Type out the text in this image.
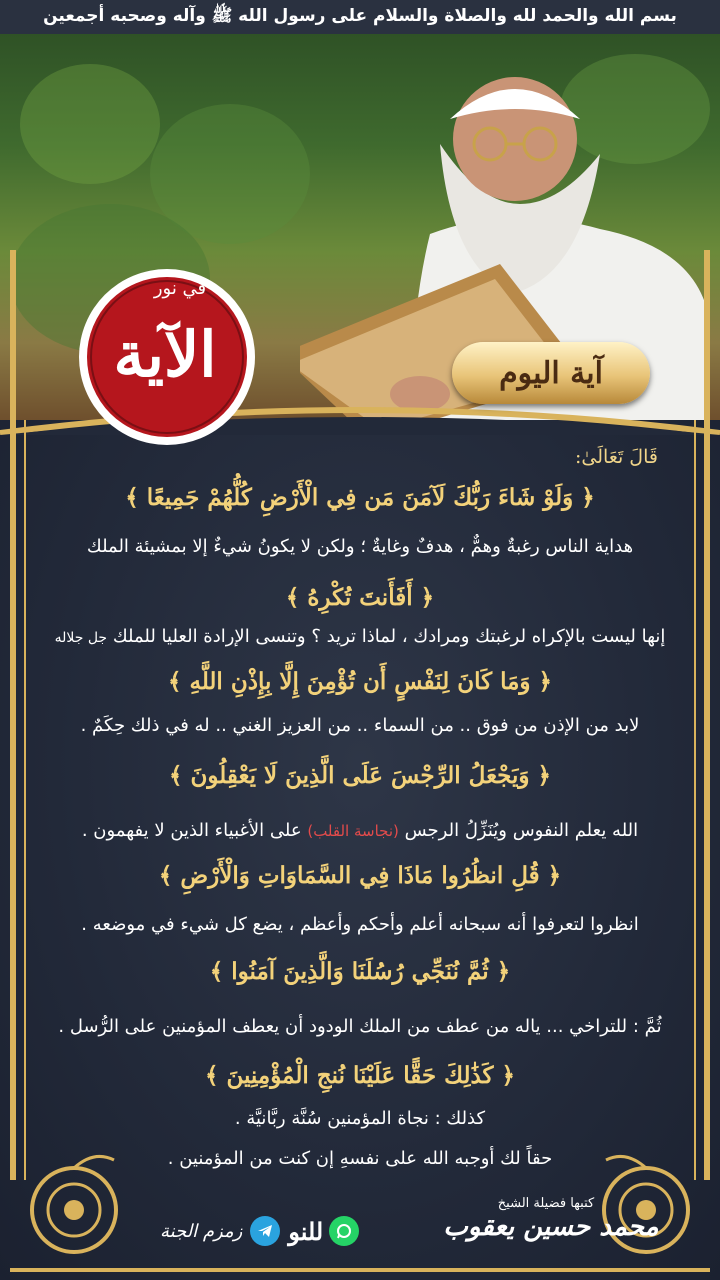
بسم الله والحمد لله والصلاة والسلام على رسول الله ﷺ وآله وصحبه أجمعين
في نور
الآية	آية اليوم
قَالَ تَعَالَىٰ:
﴿ وَلَوْ شَاءَ رَبُّكَ لَآمَنَ مَن فِي الْأَرْضِ كُلُّهُمْ جَمِيعًا ﴾
هداية الناس رغبةٌ وهمٌّ ، هدفٌ وغايةٌ ؛ ولكن لا يكونُ شيءٌ إلا بمشيئة الملك
﴿ أَفَأَنتَ تُكْرِهُ ﴾
إنها ليست بالإكراه لرغبتك ومرادك ، لماذا تريد ؟ وتنسى الإرادة العليا للملك جل جلاله
﴿ وَمَا كَانَ لِنَفْسٍ أَن تُؤْمِنَ إِلَّا بِإِذْنِ اللَّهِ ﴾
لابد من الإذن من فوق .. من السماء .. من العزيز الغني .. له في ذلك حِكَمٌ .
﴿ وَيَجْعَلُ الرِّجْسَ عَلَى الَّذِينَ لَا يَعْقِلُونَ ﴾
الله يعلم النفوس ويُنَزِّلُ الرجس (نجاسة القلب) على الأغبياء الذين لا يفهمون .
﴿ قُلِ انظُرُوا مَاذَا فِي السَّمَاوَاتِ وَالْأَرْضِ ﴾
انظروا لتعرفوا أنه سبحانه أعلم وأحكم وأعظم ، يضع كل شيء في موضعه .
﴿ ثُمَّ نُنَجِّي رُسُلَنَا وَالَّذِينَ آمَنُوا ﴾
ثُمَّ : للتراخي ... ياله من عطف من الملك الودود أن يعطف المؤمنين على الرُّسل .
﴿ كَذَٰلِكَ حَقًّا عَلَيْنَا نُنجِ الْمُؤْمِنِينَ ﴾
كذلك : نجاة المؤمنين سُنَّة ربَّانيَّة .
حقاً لك أوجبه الله على نفسهِ إن كنت من المؤمنين .
كتبها فضيلة الشيخ
محمد حسين يعقوب
زمزم الجنة للنو
